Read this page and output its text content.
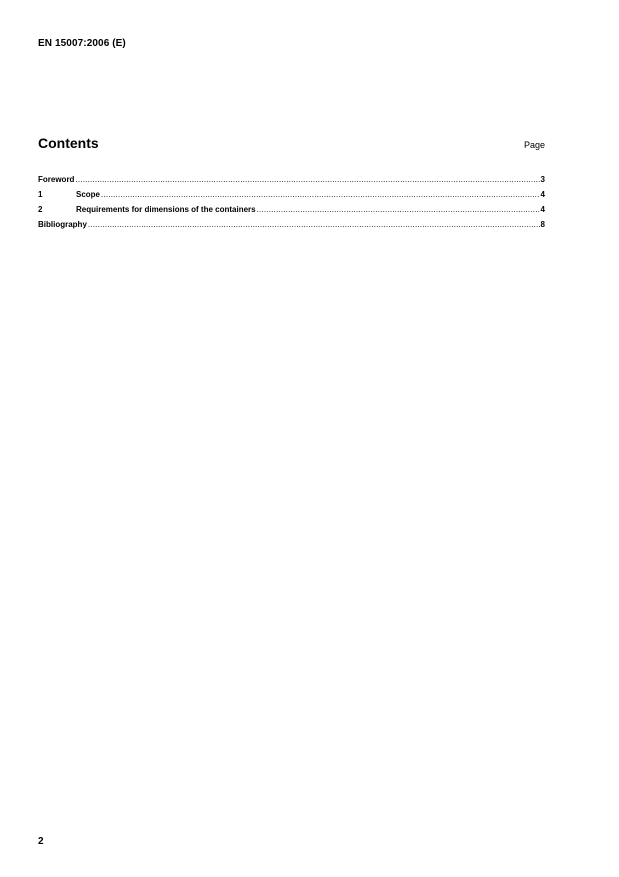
EN 15007:2006 (E)
Contents	Page
Foreword .....	3
1	Scope .....	4
2	Requirements for dimensions of the containers .....	4
Bibliography .....	8
2
